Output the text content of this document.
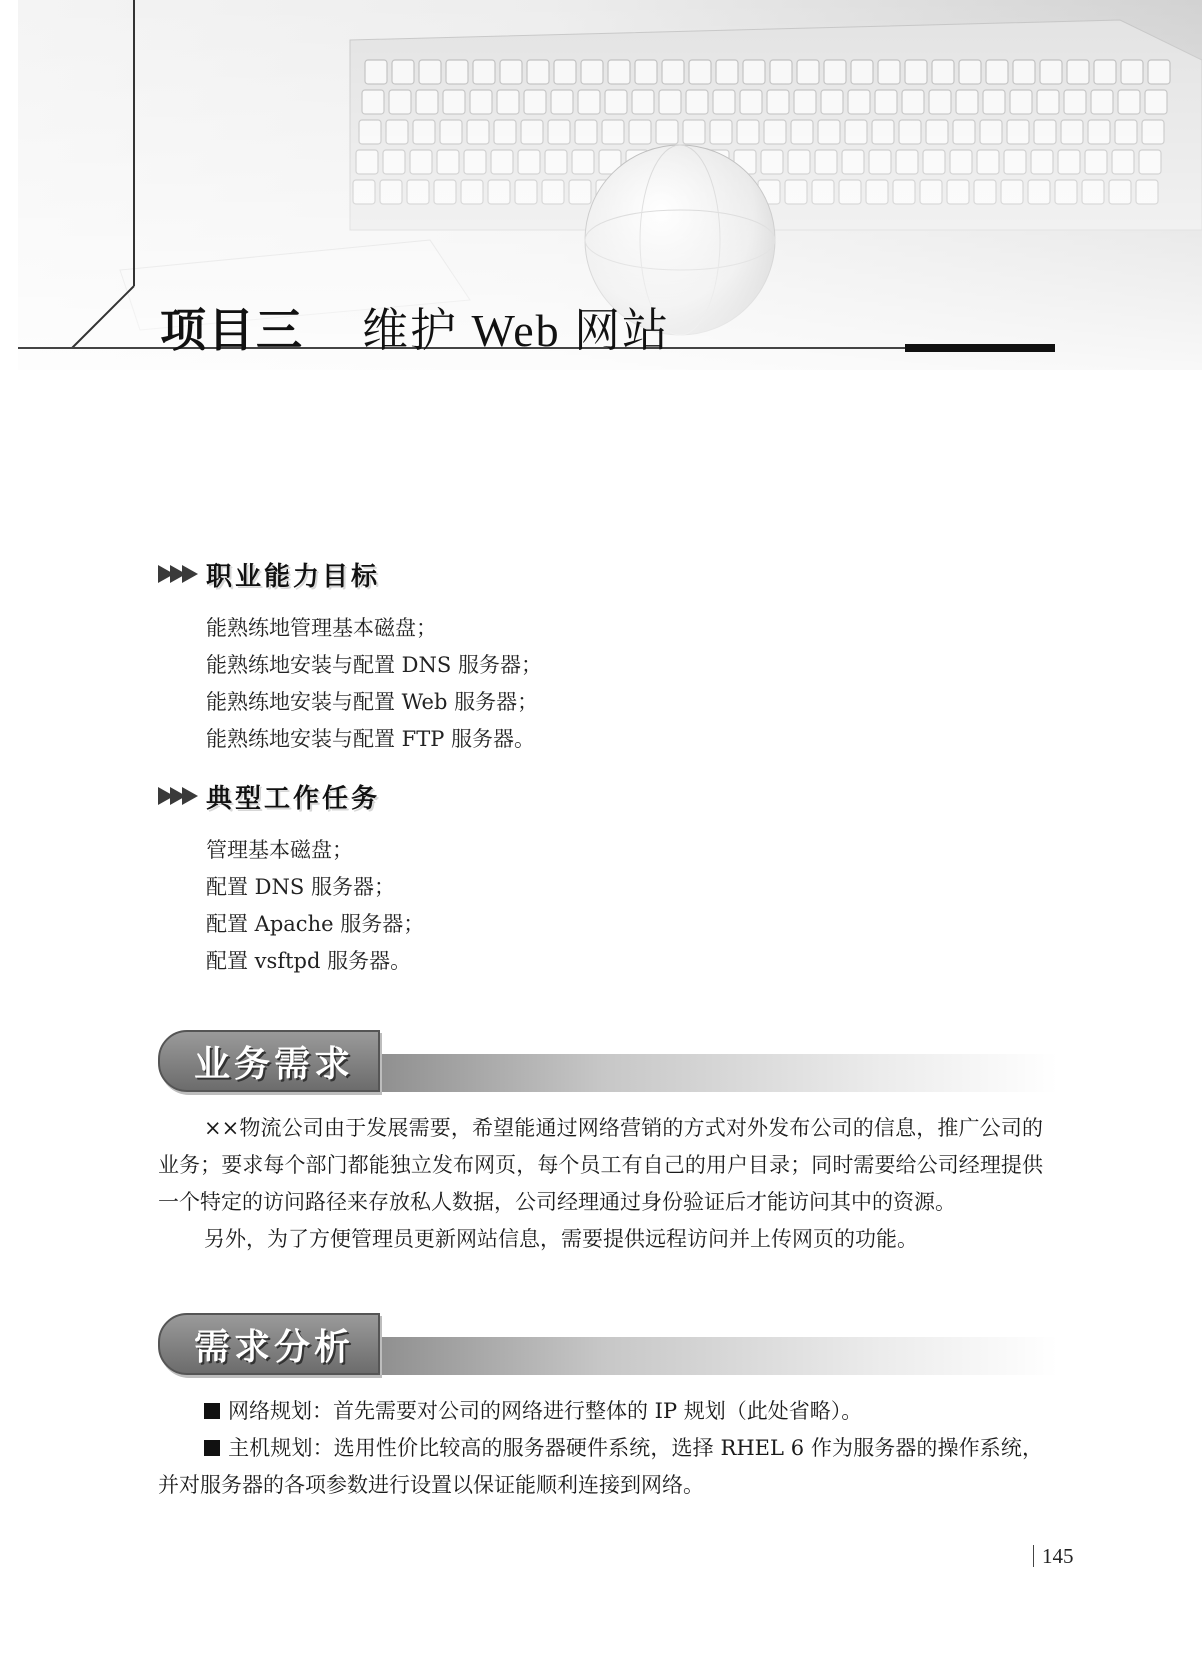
项目三 维护 Web 网站
职业能力目标
能熟练地管理基本磁盘；
能熟练地安装与配置 DNS 服务器；
能熟练地安装与配置 Web 服务器；
能熟练地安装与配置 FTP 服务器。
典型工作任务
管理基本磁盘；
配置 DNS 服务器；
配置 Apache 服务器；
配置 vsftpd 服务器。
业务需求

××物流公司由于发展需要，希望能通过网络营销的方式对外发布公司的信息，推广公司的业务；要求每个部门都能独立发布网页，每个员工有自己的用户目录；同时需要给公司经理提供一个特定的访问路径来存放私人数据，公司经理通过身份验证后才能访问其中的资源。

另外，为了方便管理员更新网站信息，需要提供远程访问并上传网页的功能。

需求分析

网络规划：首先需要对公司的网络进行整体的 IP 规划（此处省略）。

主机规划：选用性价比较高的服务器硬件系统，选择 RHEL 6 作为服务器的操作系统，并对服务器的各项参数进行设置以保证能顺利连接到网络。

145
